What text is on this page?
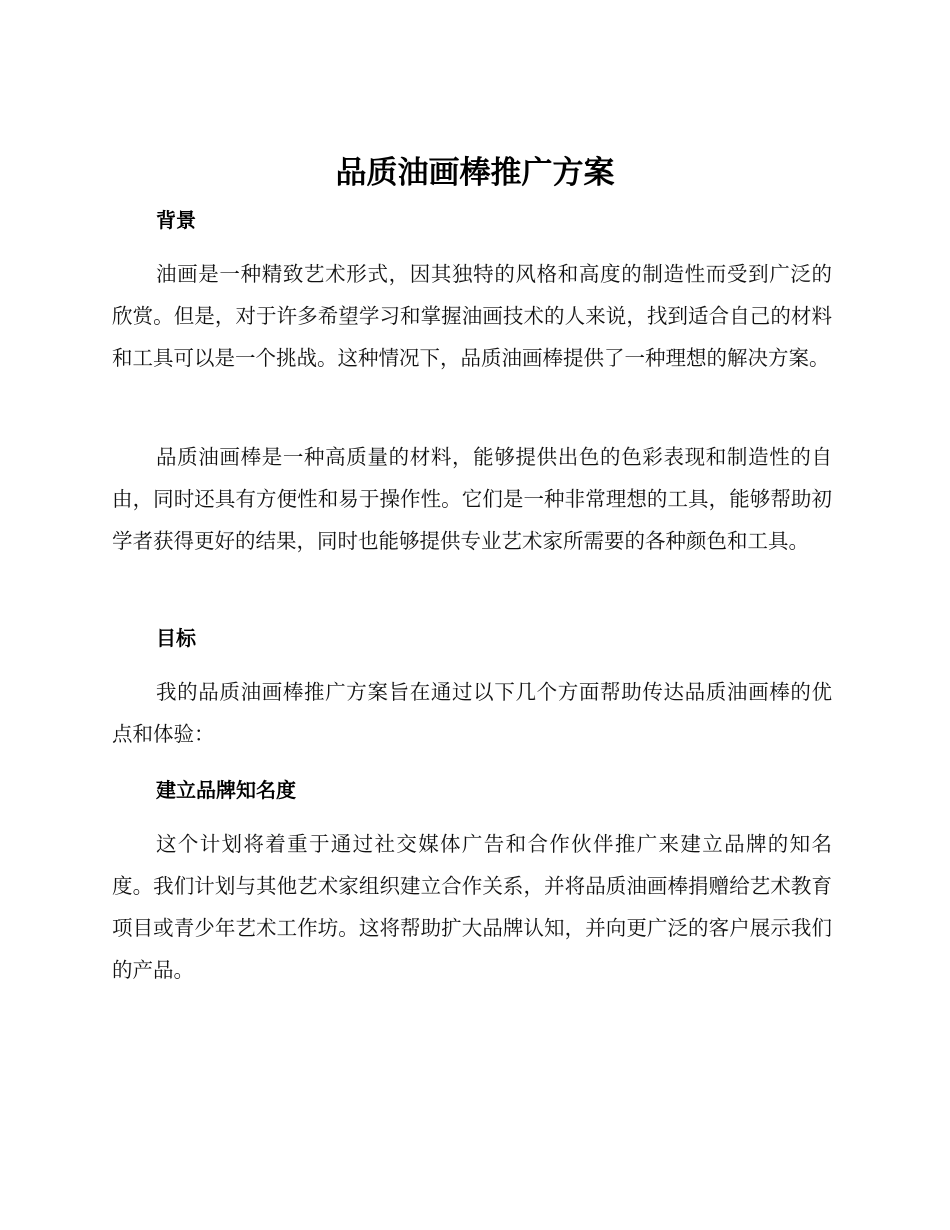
品质油画棒推广方案
背景

油画是一种精致艺术形式，因其独特的风格和高度的制造性而受到广泛的欣赏。但是，对于许多希望学习和掌握油画技术的人来说，找到适合自己的材料和工具可以是一个挑战。这种情况下，品质油画棒提供了一种理想的解决方案。

品质油画棒是一种高质量的材料，能够提供出色的色彩表现和制造性的自由，同时还具有方便性和易于操作性。它们是一种非常理想的工具，能够帮助初学者获得更好的结果，同时也能够提供专业艺术家所需要的各种颜色和工具。

目标

我的品质油画棒推广方案旨在通过以下几个方面帮助传达品质油画棒的优点和体验：

建立品牌知名度

这个计划将着重于通过社交媒体广告和合作伙伴推广来建立品牌的知名度。我们计划与其他艺术家组织建立合作关系，并将品质油画棒捐赠给艺术教育项目或青少年艺术工作坊。这将帮助扩大品牌认知，并向更广泛的客户展示我们的产品。
